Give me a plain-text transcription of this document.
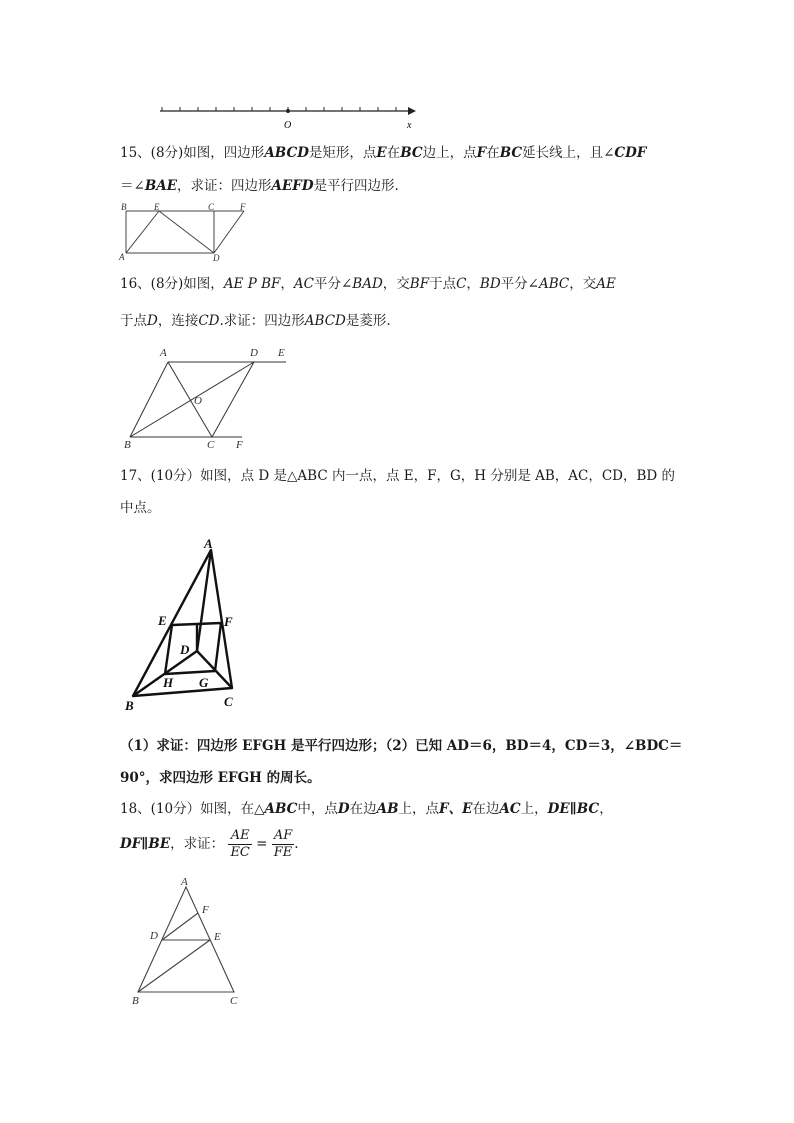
O	x
15、(8分)如图，四边形ABCD是矩形，点E在BC边上，点F在BC延长线上，且∠CDF
＝∠BAE，求证：四边形AEFD是平行四边形.
B	E	C	F
A	D
16、(8分)如图，AE P BF，AC平分∠BAD，交BF于点C，BD平分∠ABC，交AE
于点D，连接CD.求证：四边形ABCD是菱形.
A	D E
O
B	C F
17、(10分）如图，点 D 是△ABC 内一点，点 E，F，G，H 分别是 AB，AC，CD，BD 的
中点。
A
E	F
D
H G
B	C
（1）求证：四边形 EFGH 是平行四边形；（2）已知 AD＝6，BD＝4，CD＝3，∠BDC＝
90°，求四边形 EFGH 的周长。
18、(10分）如图，在△ABC中，点D在边AB上，点F、E在边AC上，DE∥BC，
DF∥BE，求证： $\frac{AE}{EC} = \frac{AF}{FE}$ .
A
F
D	E
B	C
